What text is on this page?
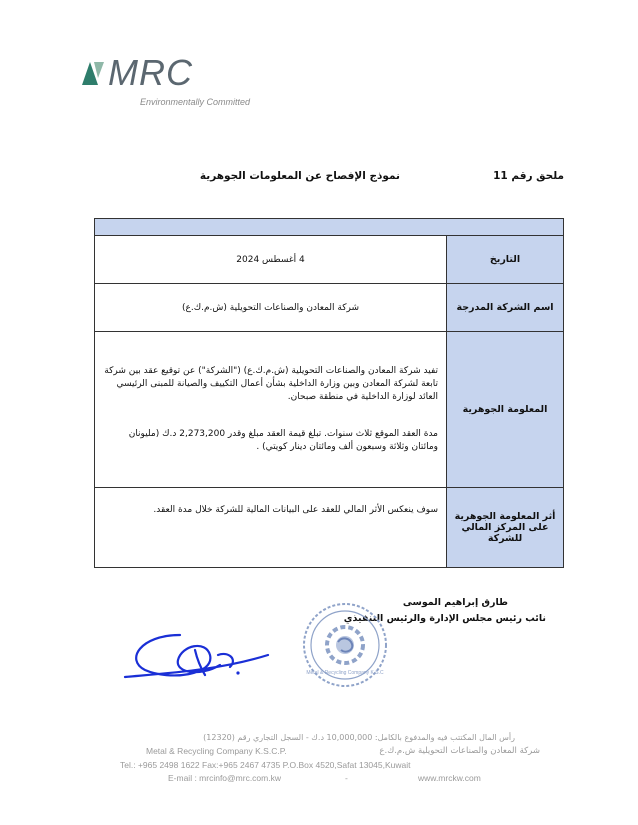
MRC
Environmentally Committed
ملحق رقم 11
نموذج الإفصاح عن المعلومات الجوهرية

التاريخ	4 أغسطس 2024
اسم الشركة المدرجة	شركة المعادن والصناعات التحويلية (ش.م.ك.ع)
المعلومة الجوهرية	تفيد شركة المعادن والصناعات التحويلية (ش.م.ك.ع) ("الشركة") عن توقيع عقد بين شركة تابعة لشركة المعادن وبين وزارة الداخلية بشأن أعمال التكييف والصيانة للمبنى الرئيسي العائد لوزارة الداخلية في منطقة صبحان.
مدة العقد الموقع ثلاث سنوات. تبلغ قيمة العقد مبلغ وقدر 2,273,200 د.ك (مليونان ومائتان وثلاثة وسبعون ألف ومائتان دينار كويتي) .

أثر المعلومة الجوهرية على المركز المالي للشركة	سوف ينعكس الأثر المالي للعقد على البيانات المالية للشركة خلال مدة العقد.
طارق إبراهيم الموسى
نائب رئيس مجلس الإدارة والرئيس التنفيذي
Metal & Recycling Company K.S.C
رأس المال المكتتب فيه والمدفوع بالكامل: 10,000,000 د.ك - السجل التجاري رقم (12320)
Metal & Recycling Company K.S.C.P.	شركة المعادن والصناعات التحويلية ش.م.ك.ع
Tel.: +965 2498 1622 Fax:+965 2467 4735 P.O.Box 4520,Safat 13045,Kuwait
E-mail : mrcinfo@mrc.com.kw	-	www.mrckw.com
